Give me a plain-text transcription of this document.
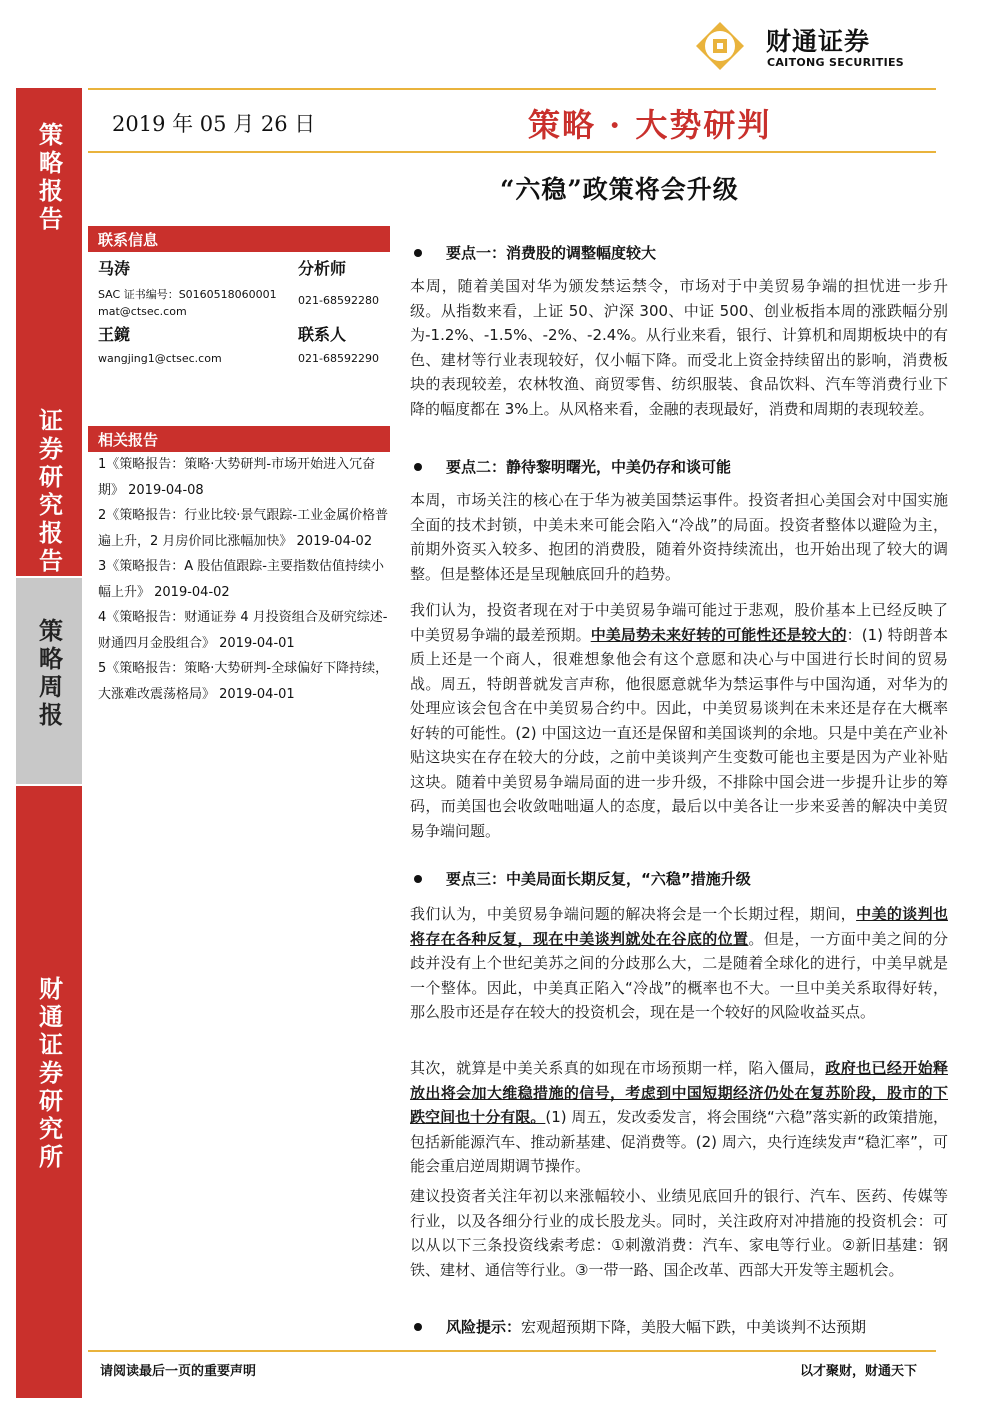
策略报告
证券研究报告
策略周报
财通证券研究所
财通证券
CAITONG SECURITIES
2019 年 05 月 26 日	策略 · 大势研判
“六稳”政策将会升级
联系信息
马涛	分析师
SAC 证书编号：S0160518060001 021-68592280
mat@ctsec.com
王鏡	联系人
wangjing1@ctsec.com	021-68592290
相关报告
1《策略报告：策略·大势研判-市场开始进入冗奋期》 2019-04-08
2《策略报告：行业比较·景气跟踪-工业金属价格普遍上升，2 月房价同比涨幅加快》 2019-04-02
3《策略报告：A 股估值跟踪-主要指数估值持续小幅上升》 2019-04-02
4《策略报告：财通证券 4 月投资组合及研究综述-财通四月金股组合》 2019-04-01
5《策略报告：策略·大势研判-全球偏好下降持续，大涨难改震荡格局》 2019-04-01
要点一：消费股的调整幅度较大
本周，随着美国对华为颁发禁运禁令，市场对于中美贸易争端的担忧进一步升级。从指数来看，上证 50、沪深 300、中证 500、创业板指本周的涨跌幅分别为-1.2%、-1.5%、-2%、-2.4%。从行业来看，银行、计算机和周期板块中的有色、建材等行业表现较好，仅小幅下降。而受北上资金持续留出的影响，消费板块的表现较差，农林牧渔、商贸零售、纺织服装、食品饮料、汽车等消费行业下降的幅度都在 3%上。从风格来看，金融的表现最好，消费和周期的表现较差。
要点二：静待黎明曙光，中美仍存和谈可能
本周，市场关注的核心在于华为被美国禁运事件。投资者担心美国会对中国实施全面的技术封锁，中美未来可能会陷入“冷战”的局面。投资者整体以避险为主，前期外资买入较多、抱团的消费股，随着外资持续流出，也开始出现了较大的调整。但是整体还是呈现触底回升的趋势。
我们认为，投资者现在对于中美贸易争端可能过于悲观，股价基本上已经反映了中美贸易争端的最差预期。中美局势未来好转的可能性还是较大的：(1) 特朗普本质上还是一个商人，很难想象他会有这个意愿和决心与中国进行长时间的贸易战。周五，特朗普就发言声称，他很愿意就华为禁运事件与中国沟通，对华为的处理应该会包含在中美贸易合约中。因此，中美贸易谈判在未来还是存在大概率好转的可能性。(2) 中国这边一直还是保留和美国谈判的余地。只是中美在产业补贴这块实在存在较大的分歧，之前中美谈判产生变数可能也主要是因为产业补贴这块。随着中美贸易争端局面的进一步升级，不排除中国会进一步提升让步的筹码，而美国也会收敛咄咄逼人的态度，最后以中美各让一步来妥善的解决中美贸易争端问题。
要点三：中美局面长期反复，“六稳”措施升级
我们认为，中美贸易争端问题的解决将会是一个长期过程，期间，中美的谈判也将存在各种反复，现在中美谈判就处在谷底的位置。但是，一方面中美之间的分歧并没有上个世纪美苏之间的分歧那么大，二是随着全球化的进行，中美早就是一个整体。因此，中美真正陷入“冷战”的概率也不大。一旦中美关系取得好转，那么股市还是存在较大的投资机会，现在是一个较好的风险收益买点。
其次，就算是中美关系真的如现在市场预期一样，陷入僵局，政府也已经开始释放出将会加大维稳措施的信号，考虑到中国短期经济仍处在复苏阶段，股市的下跌空间也十分有限。(1) 周五，发改委发言，将会围绕“六稳”落实新的政策措施，包括新能源汽车、推动新基建、促消费等。(2) 周六，央行连续发声“稳汇率”，可能会重启逆周期调节操作。
建议投资者关注年初以来涨幅较小、业绩见底回升的银行、汽车、医药、传媒等行业，以及各细分行业的成长股龙头。同时，关注政府对冲措施的投资机会：可以从以下三条投资线索考虑：①刺激消费：汽车、家电等行业。②新旧基建：钢铁、建材、通信等行业。③一带一路、国企改革、西部大开发等主题机会。
风险提示：宏观超预期下降，美股大幅下跌，中美谈判不达预期
请阅读最后一页的重要声明	以才聚财，财通天下
